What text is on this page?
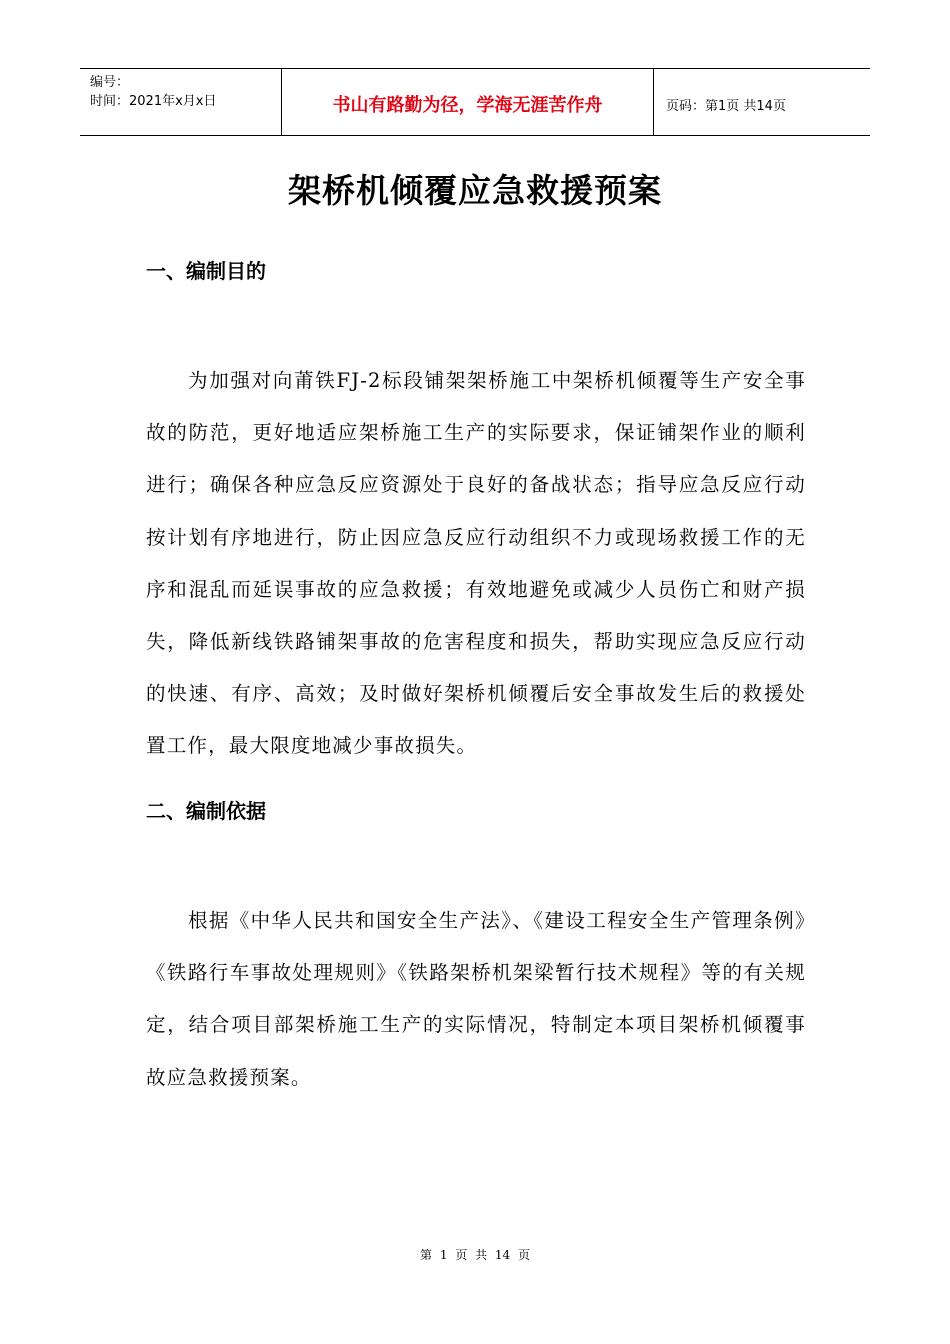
编号：
时间：2021年x月x日	书山有路勤为径，学海无涯苦作舟	页码：第1页 共14页
架桥机倾覆应急救援预案
一、编制目的
为加强对向莆铁FJ-2标段铺架架桥施工中架桥机倾覆等生产安全事故的防范，更好地适应架桥施工生产的实际要求，保证铺架作业的顺利进行；确保各种应急反应资源处于良好的备战状态；指导应急反应行动按计划有序地进行，防止因应急反应行动组织不力或现场救援工作的无序和混乱而延误事故的应急救援；有效地避免或减少人员伤亡和财产损失，降低新线铁路铺架事故的危害程度和损失，帮助实现应急反应行动的快速、有序、高效；及时做好架桥机倾覆后安全事故发生后的救援处置工作，最大限度地减少事故损失。
二、编制依据
根据《中华人民共和国安全生产法》、《建设工程安全生产管理条例》《铁路行车事故处理规则》《铁路架桥机架梁暂行技术规程》等的有关规定，结合项目部架桥施工生产的实际情况，特制定本项目架桥机倾覆事故应急救援预案。
第 1 页 共 14 页
